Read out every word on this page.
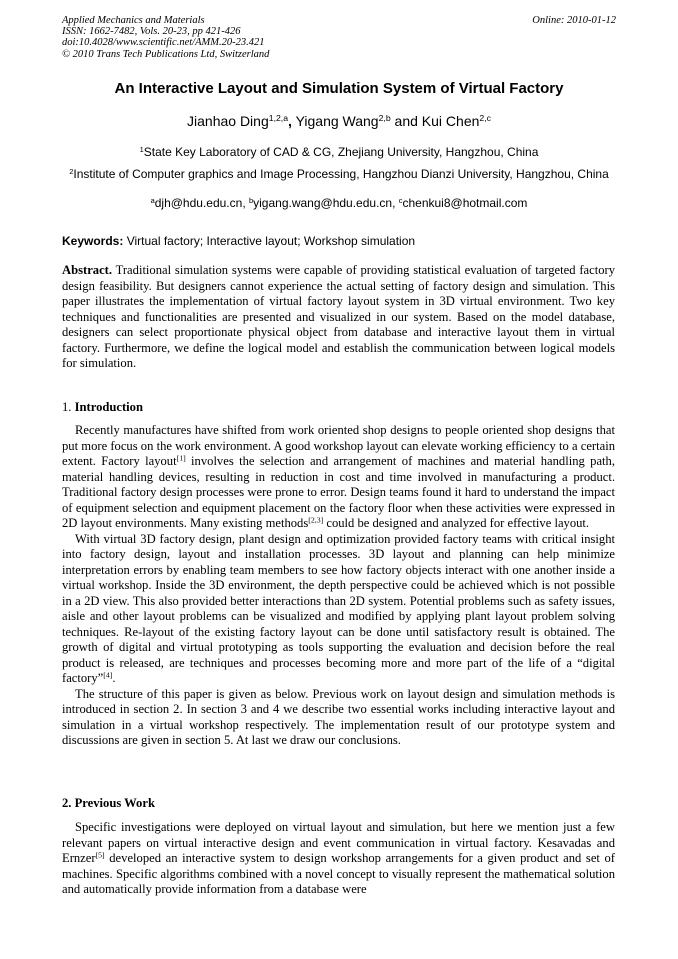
Applied Mechanics and Materials
ISSN: 1662-7482, Vols. 20-23, pp 421-426
doi:10.4028/www.scientific.net/AMM.20-23.421
© 2010 Trans Tech Publications Ltd, Switzerland
Online: 2010-01-12
An Interactive Layout and Simulation System of Virtual Factory
Jianhao Ding$^{1,2,a}$, Yigang Wang$^{2,b}$ and Kui Chen$^{2,c}$
$^1$State Key Laboratory of CAD & CG, Zhejiang University, Hangzhou, China
$^2$Institute of Computer graphics and Image Processing, Hangzhou Dianzi University, Hangzhou, China
$^a$djh@hdu.edu.cn, $^b$yigang.wang@hdu.edu.cn, $^c$chenkui8@hotmail.com
Keywords: Virtual factory; Interactive layout; Workshop simulation

Abstract. Traditional simulation systems were capable of providing statistical evaluation of targeted factory design feasibility. But designers cannot experience the actual setting of factory design and simulation. This paper illustrates the implementation of virtual factory layout system in 3D virtual environment. Two key techniques and functionalities are presented and visualized in our system. Based on the model database, designers can select proportionate physical object from database and interactive layout them in virtual factory. Furthermore, we define the logical model and establish the communication between logical models for simulation.

1. Introduction

Recently manufactures have shifted from work oriented shop designs to people oriented shop designs that put more focus on the work environment. A good workshop layout can elevate working efficiency to a certain extent. Factory layout[1] involves the selection and arrangement of machines and material handling path, material handling devices, resulting in reduction in cost and time involved in manufacturing a product. Traditional factory design processes were prone to error. Design teams found it hard to understand the impact of equipment selection and equipment placement on the factory floor when these activities were expressed in 2D layout environments. Many existing methods[2,3] could be designed and analyzed for effective layout.

With virtual 3D factory design, plant design and optimization provided factory teams with critical insight into factory design, layout and installation processes. 3D layout and planning can help minimize interpretation errors by enabling team members to see how factory objects interact with one another inside a virtual workshop. Inside the 3D environment, the depth perspective could be achieved which is not possible in a 2D view. This also provided better interactions than 2D system. Potential problems such as safety issues, aisle and other layout problems can be visualized and modified by applying plant layout problem solving techniques. Re-layout of the existing factory layout can be done until satisfactory result is obtained. The growth of digital and virtual prototyping as tools supporting the evaluation and decision before the real product is released, are techniques and processes becoming more and more part of the life of a “digital factory”[4].

The structure of this paper is given as below. Previous work on layout design and simulation methods is introduced in section 2. In section 3 and 4 we describe two essential works including interactive layout and simulation in a virtual workshop respectively. The implementation result of our prototype system and discussions are given in section 5. At last we draw our conclusions.

2. Previous Work

Specific investigations were deployed on virtual layout and simulation, but here we mention just a few relevant papers on virtual interactive design and event communication in virtual factory. Kesavadas and Ernzer[5] developed an interactive system to design workshop arrangements for a given product and set of machines. Specific algorithms combined with a novel concept to visually represent the mathematical solution and automatically provide information from a database were
